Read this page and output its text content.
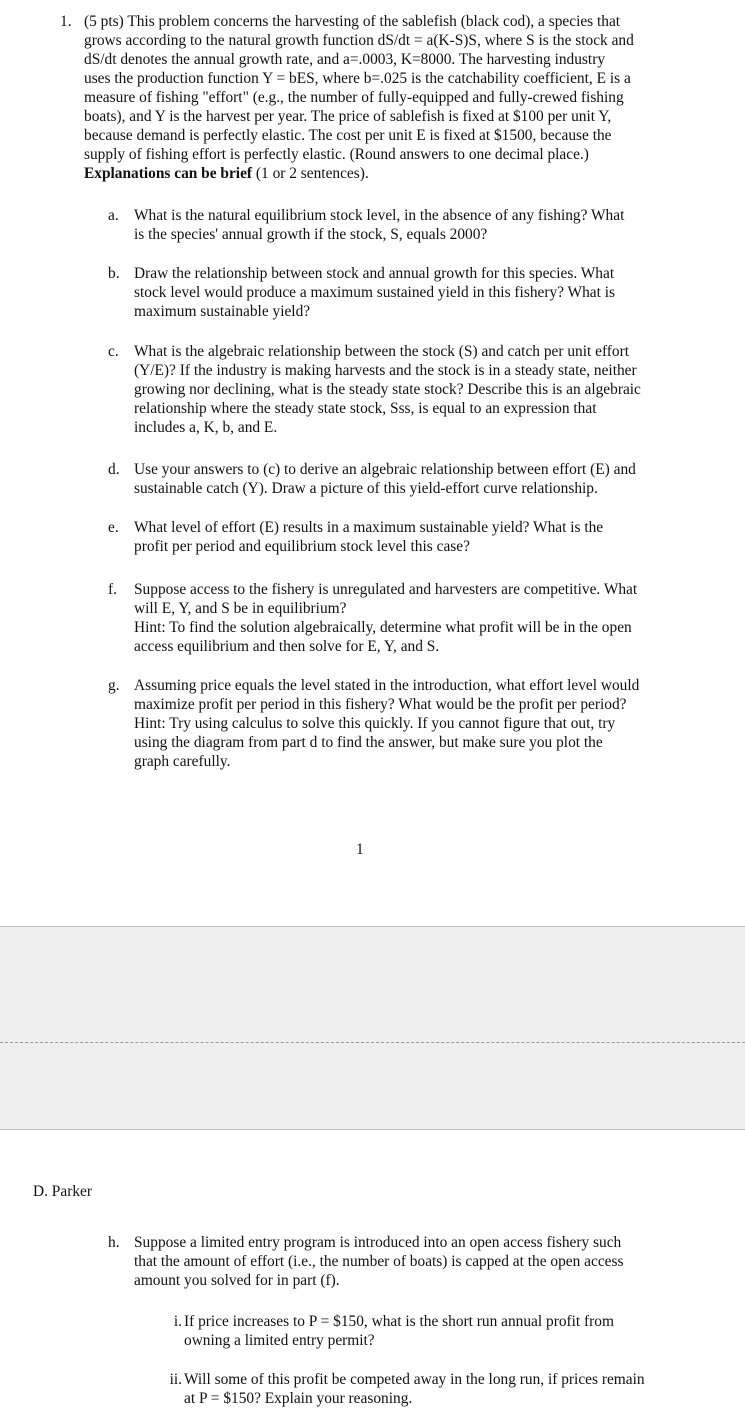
1. (5 pts) This problem concerns the harvesting of the sablefish (black cod), a species that

grows according to the natural growth function dS/dt = a(K-S)S, where S is the stock and

dS/dt denotes the annual growth rate, and a=.0003, K=8000. The harvesting industry

uses the production function Y = bES, where b=.025 is the catchability coefficient, E is a

measure of fishing "effort" (e.g., the number of fully-equipped and fully-crewed fishing

boats), and Y is the harvest per year. The price of sablefish is fixed at $100 per unit Y,

because demand is perfectly elastic. The cost per unit E is fixed at $1500, because the

supply of fishing effort is perfectly elastic. (Round answers to one decimal place.)

Explanations can be brief (1 or 2 sentences).

a. What is the natural equilibrium stock level, in the absence of any fishing? What

is the species' annual growth if the stock, S, equals 2000?

b. Draw the relationship between stock and annual growth for this species. What

stock level would produce a maximum sustained yield in this fishery? What is

maximum sustainable yield?

c. What is the algebraic relationship between the stock (S) and catch per unit effort

(Y/E)? If the industry is making harvests and the stock is in a steady state, neither

growing nor declining, what is the steady state stock? Describe this is an algebraic

relationship where the steady state stock, Sss, is equal to an expression that

includes a, K, b, and E.

d. Use your answers to (c) to derive an algebraic relationship between effort (E) and

sustainable catch (Y). Draw a picture of this yield-effort curve relationship.

e. What level of effort (E) results in a maximum sustainable yield? What is the

profit per period and equilibrium stock level this case?

f. Suppose access to the fishery is unregulated and harvesters are competitive. What

will E, Y, and S be in equilibrium?

Hint: To find the solution algebraically, determine what profit will be in the open

access equilibrium and then solve for E, Y, and S.

g. Assuming price equals the level stated in the introduction, what effort level would

maximize profit per period in this fishery? What would be the profit per period?

Hint: Try using calculus to solve this quickly. If you cannot figure that out, try

using the diagram from part d to find the answer, but make sure you plot the

graph carefully.

1
D. Parker
h. Suppose a limited entry program is introduced into an open access fishery such

that the amount of effort (i.e., the number of boats) is capped at the open access

amount you solved for in part (f).

i. If price increases to P = $150, what is the short run annual profit from

owning a limited entry permit?

ii. Will some of this profit be competed away in the long run, if prices remain

at P = $150? Explain your reasoning.
